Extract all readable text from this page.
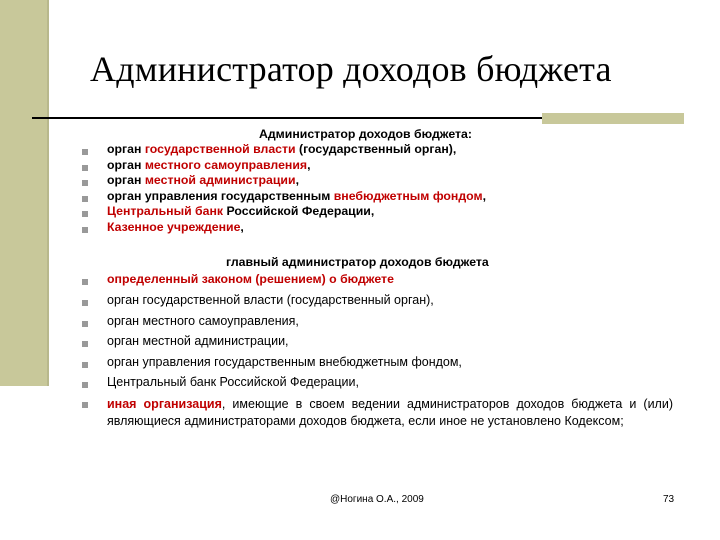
Администратор доходов бюджета
Администратор доходов бюджета:
орган государственной власти (государственный орган),
орган местного самоуправления,
орган местной администрации,
орган управления государственным внебюджетным фондом,
Центральный банк Российской Федерации,
Казенное учреждение,
главный администратор доходов бюджета
определенный законом (решением) о бюджете
орган государственной власти (государственный орган),
орган местного самоуправления,
орган местной администрации,
орган управления государственным внебюджетным фондом,
Центральный банк Российской Федерации,
иная организация, имеющие в своем ведении администраторов доходов бюджета и (или) являющиеся администраторами доходов бюджета, если иное не установлено Кодексом;
@Ногина О.А., 2009	73
